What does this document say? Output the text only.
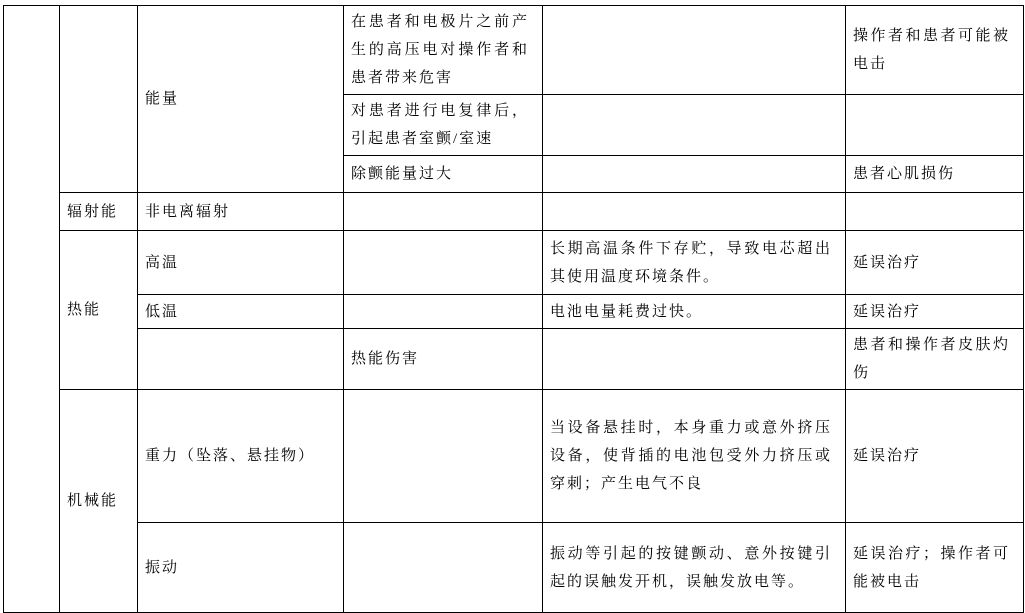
		能量	在患者和电极片之前产生的高压电对操作者和患者带来危害		操作者和患者可能被电击
			对患者进行电复律后，引起患者室颤/室速		
			除颤能量过大		患者心肌损伤
	辐射能	非电离辐射			
	热能	高温		长期高温条件下存贮，导致电芯超出其使用温度环境条件。	延误治疗
		低温		电池电量耗费过快。	延误治疗
			热能伤害		患者和操作者皮肤灼伤
	机械能	重力（坠落、悬挂物）		当设备悬挂时，本身重力或意外挤压设备，使背插的电池包受外力挤压或穿刺；产生电气不良	延误治疗
		振动		振动等引起的按键颤动、意外按键引起的误触发开机，误触发放电等。	延误治疗；操作者可能被电击
